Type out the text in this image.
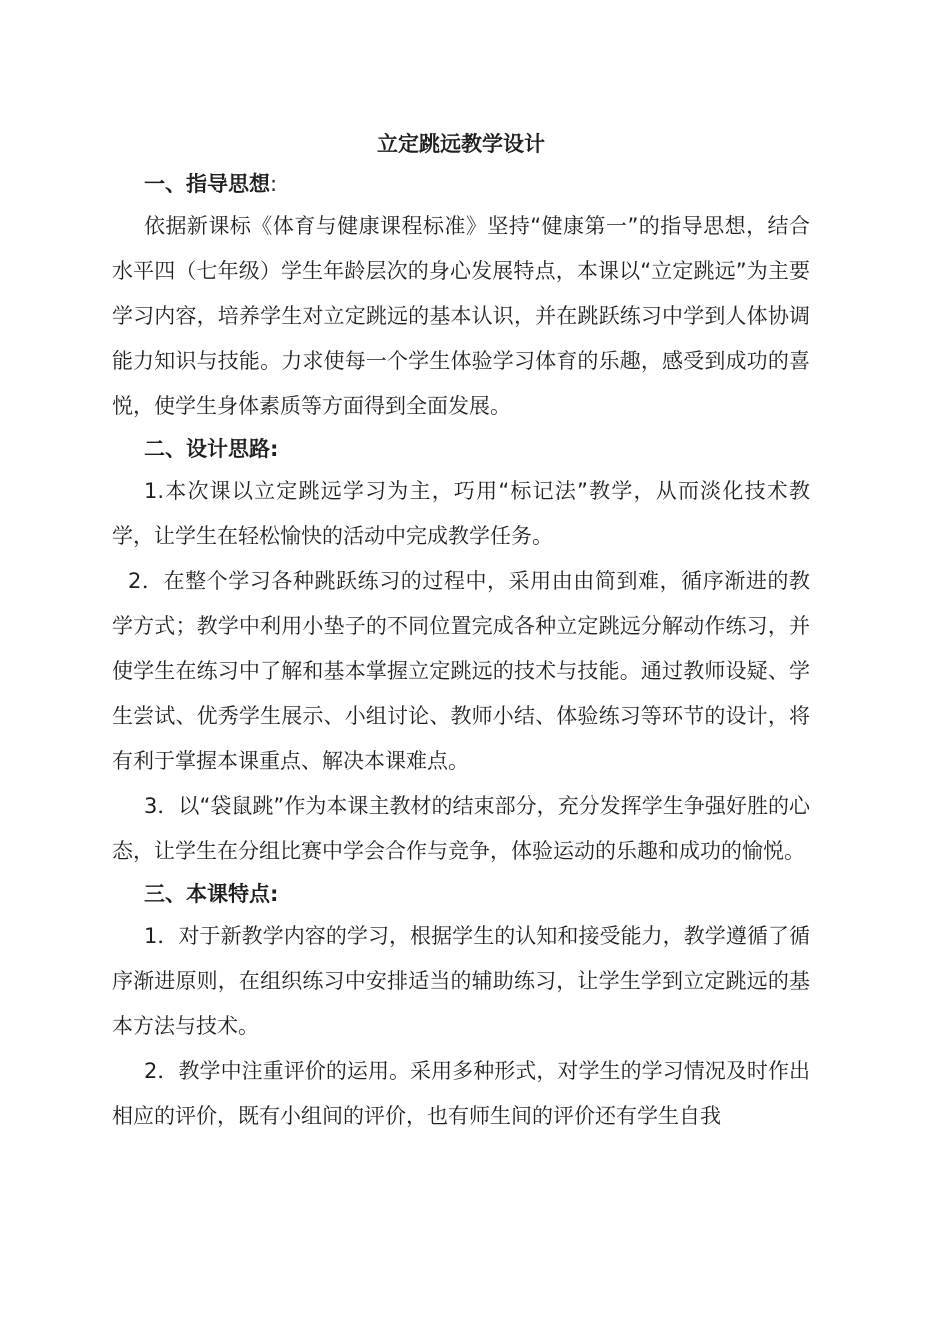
立定跳远教学设计

一、指导思想:

依据新课标《体育与健康课程标准》坚持“健康第一”的指导思想，结合水平四（七年级）学生年龄层次的身心发展特点，本课以“立定跳远”为主要学习内容，培养学生对立定跳远的基本认识，并在跳跃练习中学到人体协调能力知识与技能。力求使每一个学生体验学习体育的乐趣，感受到成功的喜悦，使学生身体素质等方面得到全面发展。

二、设计思路:

1.本次课以立定跳远学习为主，巧用“标记法”教学，从而淡化技术教学，让学生在轻松愉快的活动中完成教学任务。

2．在整个学习各种跳跃练习的过程中，采用由由简到难，循序渐进的教学方式；教学中利用小垫子的不同位置完成各种立定跳远分解动作练习，并使学生在练习中了解和基本掌握立定跳远的技术与技能。通过教师设疑、学生尝试、优秀学生展示、小组讨论、教师小结、体验练习等环节的设计，将有利于掌握本课重点、解决本课难点。

3．以“袋鼠跳”作为本课主教材的结束部分，充分发挥学生争强好胜的心态，让学生在分组比赛中学会合作与竞争，体验运动的乐趣和成功的愉悦。

三、本课特点:

1．对于新教学内容的学习，根据学生的认知和接受能力，教学遵循了循序渐进原则，在组织练习中安排适当的辅助练习，让学生学到立定跳远的基本方法与技术。

2．教学中注重评价的运用。采用多种形式，对学生的学习情况及时作出相应的评价，既有小组间的评价，也有师生间的评价还有学生自我
